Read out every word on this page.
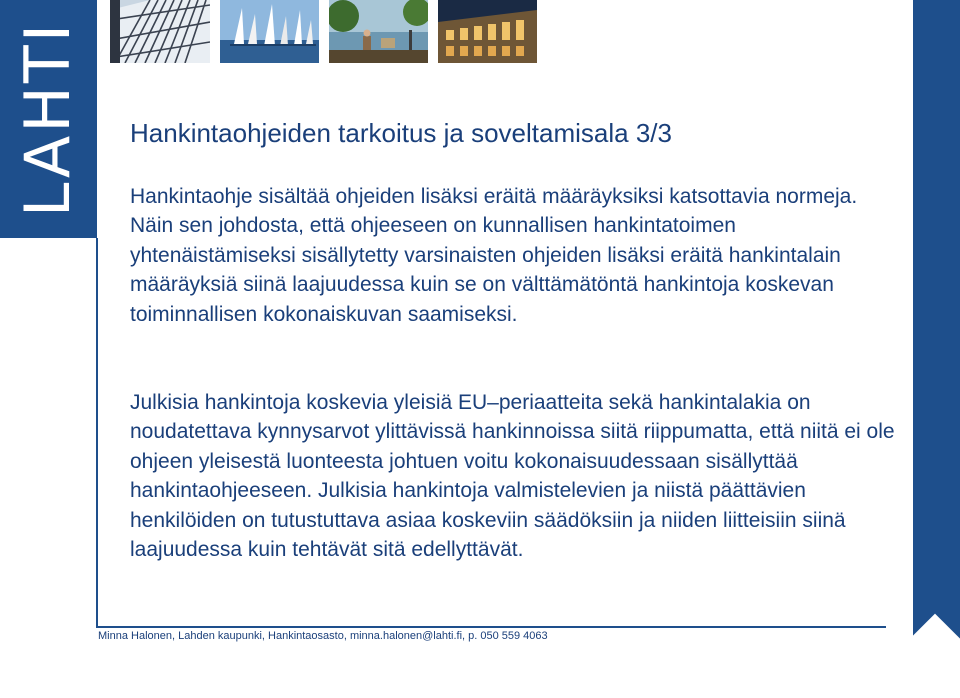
LAHTI Hankintaohjeiden tarkoitus ja soveltamisala 3/3

Hankintaohje sisältää ohjeiden lisäksi eräitä määräyksiksi katsottavia normeja. Näin sen johdosta, että ohjeeseen on kunnallisen hankintatoimen yhtenäistämiseksi sisällytetty varsinaisten ohjeiden lisäksi eräitä hankintalain määräyksiä siinä laajuudessa kuin se on välttämätöntä hankintoja koskevan toiminnallisen kokonaiskuvan saamiseksi.

Julkisia hankintoja koskevia yleisiä EU–periaatteita sekä hankintalakia on noudatettava kynnysarvot ylittävissä hankinnoissa siitä riippumatta, että niitä ei ole ohjeen yleisestä luonteesta johtuen voitu kokonaisuudessaan sisällyttää hankintaohjeeseen. Julkisia hankintoja valmistelevien ja niistä päättävien henkilöiden on tutustuttava asiaa koskeviin säädöksiin ja niiden liitteisiin siinä laajuudessa kuin tehtävät sitä edellyttävät.

Minna Halonen, Lahden kaupunki, Hankintaosasto, minna.halonen@lahti.fi, p. 050 559 4063
